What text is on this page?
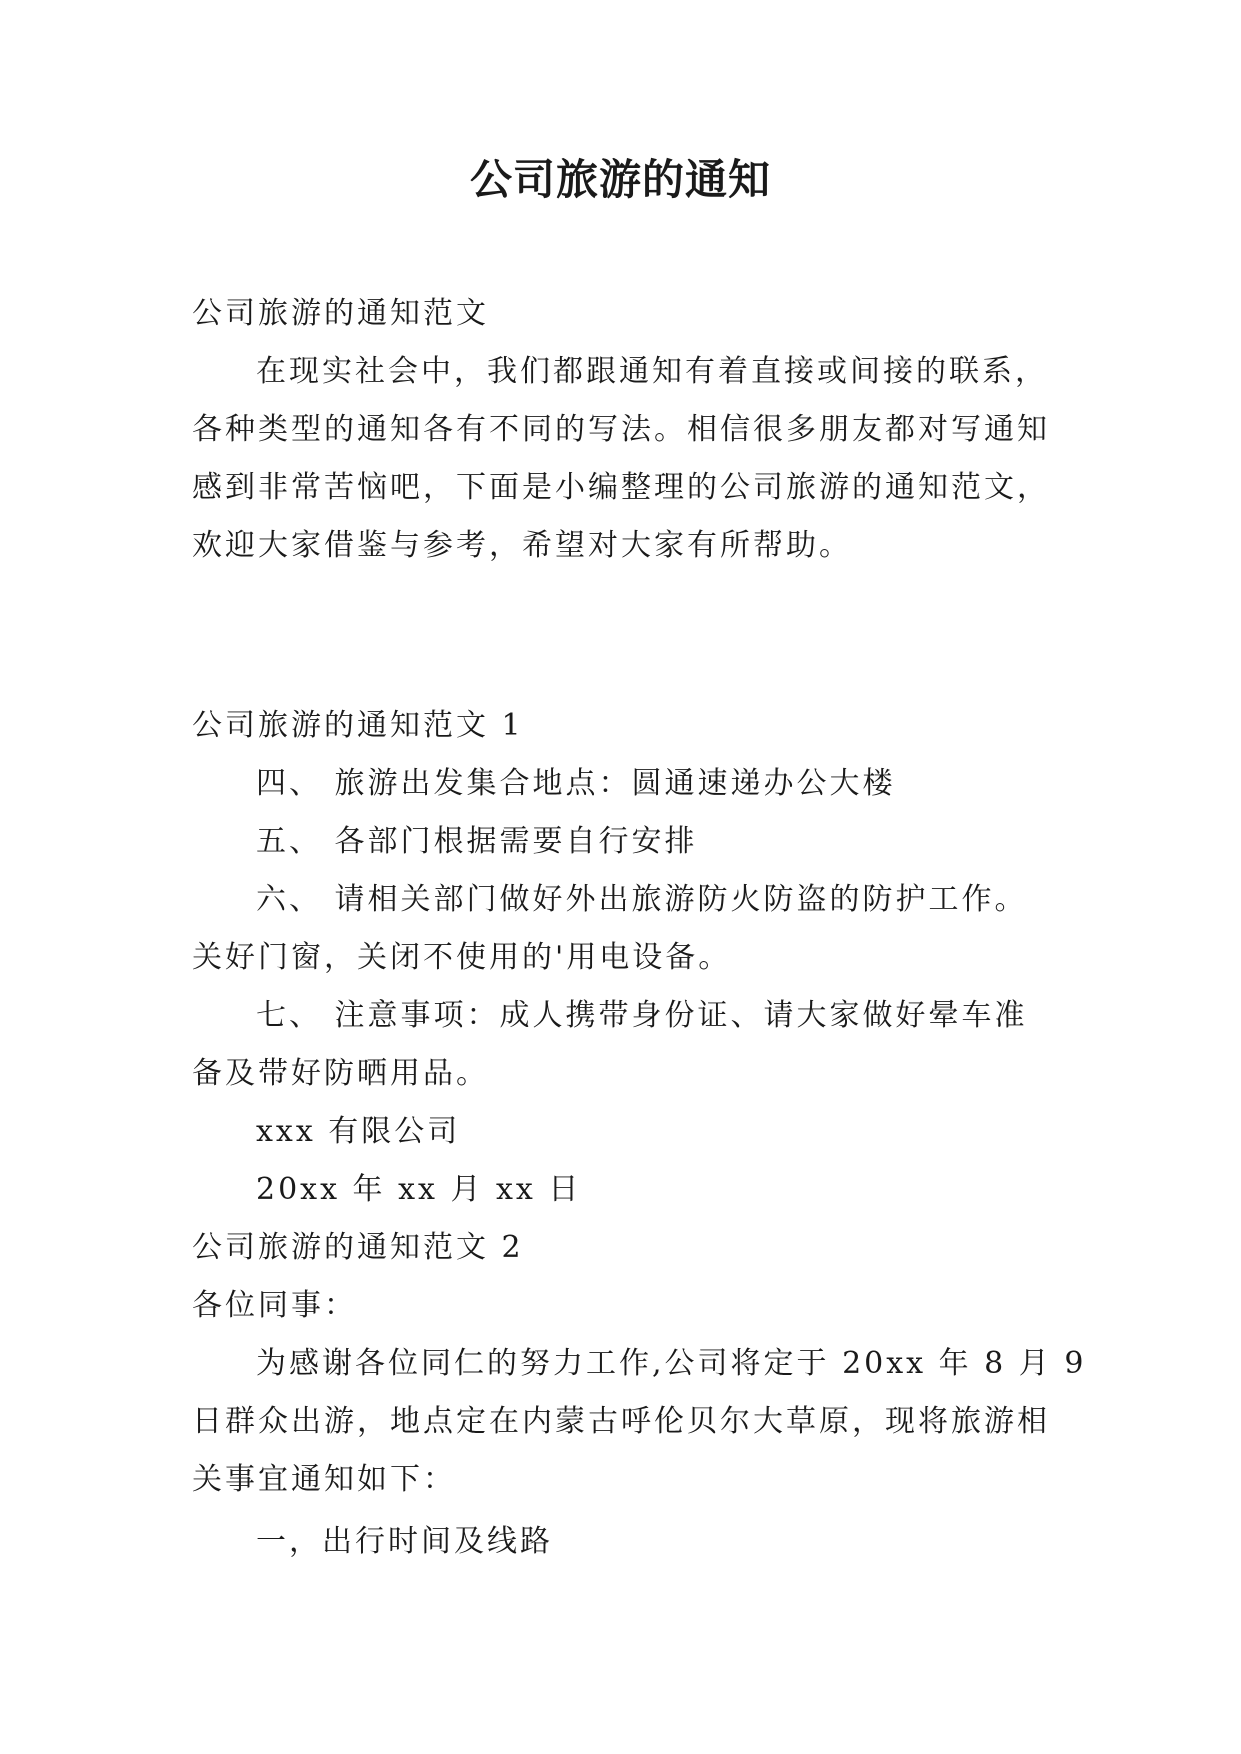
公司旅游的通知
公司旅游的通知范文
在现实社会中，我们都跟通知有着直接或间接的联系，
各种类型的通知各有不同的写法。相信很多朋友都对写通知
感到非常苦恼吧，下面是小编整理的公司旅游的通知范文，
欢迎大家借鉴与参考，希望对大家有所帮助。
公司旅游的通知范文 1
四、 旅游出发集合地点：圆通速递办公大楼
五、 各部门根据需要自行安排
六、 请相关部门做好外出旅游防火防盗的防护工作。
关好门窗，关闭不使用的'用电设备。
七、 注意事项：成人携带身份证、请大家做好晕车准
备及带好防晒用品。
xxx 有限公司
20xx 年 xx 月 xx 日
公司旅游的通知范文 2
各位同事：
为感谢各位同仁的努力工作,公司将定于 20xx 年 8 月 9
日群众出游，地点定在内蒙古呼伦贝尔大草原，现将旅游相
关事宜通知如下：
一，出行时间及线路
